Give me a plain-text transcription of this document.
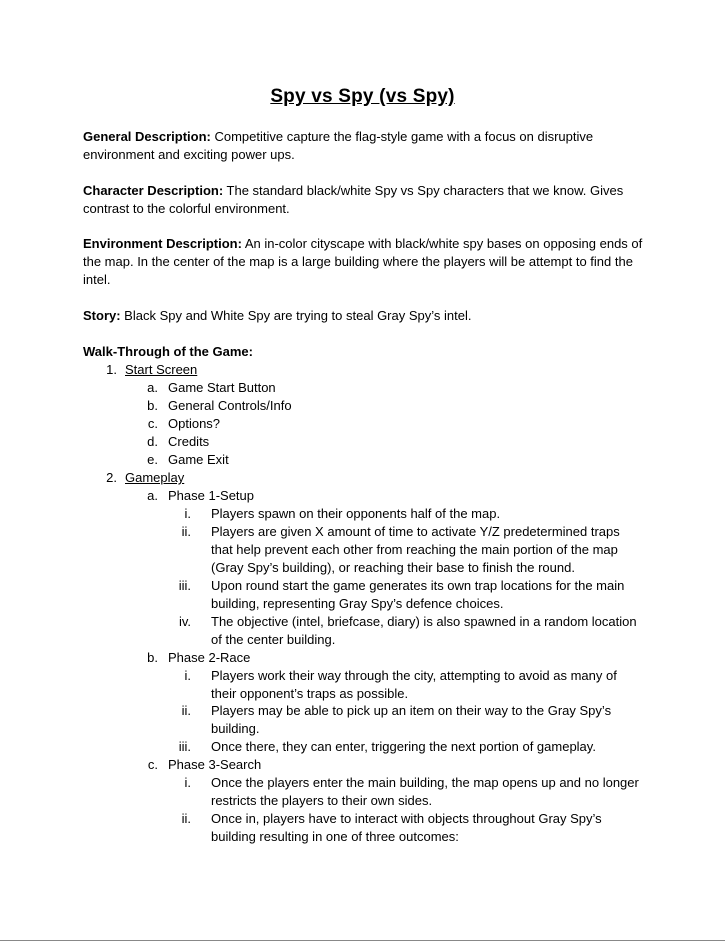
Spy vs Spy (vs Spy)
General Description: Competitive capture the flag-style game with a focus on disruptive environment and exciting power ups.
Character Description: The standard black/white Spy vs Spy characters that we know. Gives contrast to the colorful environment.
Environment Description: An in-color cityscape with black/white spy bases on opposing ends of the map. In the center of the map is a large building where the players will be attempt to find the intel.
Story: Black Spy and White Spy are trying to steal Gray Spy’s intel.
Walk-Through of the Game:
1. Start Screen
a. Game Start Button
b. General Controls/Info
c. Options?
d. Credits
e. Game Exit
2. Gameplay
a. Phase 1-Setup
i. Players spawn on their opponents half of the map.
ii. Players are given X amount of time to activate Y/Z predetermined traps that help prevent each other from reaching the main portion of the map (Gray Spy’s building), or reaching their base to finish the round.
iii. Upon round start the game generates its own trap locations for the main building, representing Gray Spy’s defence choices.
iv. The objective (intel, briefcase, diary) is also spawned in a random location of the center building.
b. Phase 2-Race
i. Players work their way through the city, attempting to avoid as many of their opponent’s traps as possible.
ii. Players may be able to pick up an item on their way to the Gray Spy’s building.
iii. Once there, they can enter, triggering the next portion of gameplay.
c. Phase 3-Search
i. Once the players enter the main building, the map opens up and no longer restricts the players to their own sides.
ii. Once in, players have to interact with objects throughout Gray Spy’s building resulting in one of three outcomes:
